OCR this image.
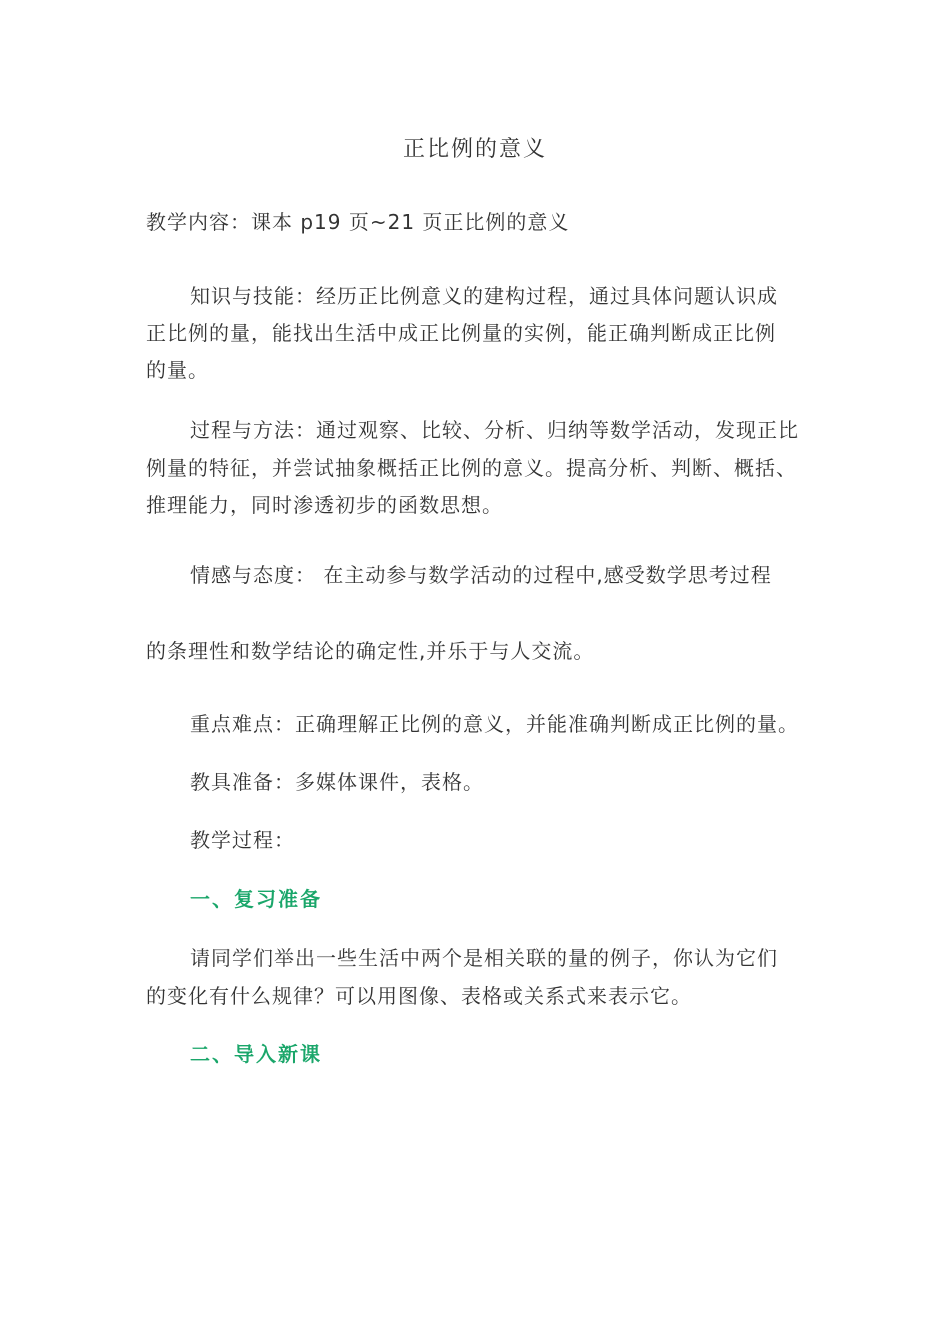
正比例的意义
教学内容：课本 p19 页~21 页正比例的意义
知识与技能：经历正比例意义的建构过程，通过具体问题认识成
正比例的量，能找出生活中成正比例量的实例，能正确判断成正比例
的量。
过程与方法：通过观察、比较、分析、归纳等数学活动，发现正比
例量的特征，并尝试抽象概括正比例的意义。提高分析、判断、概括、
推理能力，同时渗透初步的函数思想。
情感与态度： 在主动参与数学活动的过程中,感受数学思考过程
的条理性和数学结论的确定性,并乐于与人交流。
重点难点：正确理解正比例的意义，并能准确判断成正比例的量。
教具准备：多媒体课件，表格。
教学过程：
一、复习准备
请同学们举出一些生活中两个是相关联的量的例子，你认为它们
的变化有什么规律？可以用图像、表格或关系式来表示它。
二、导入新课
